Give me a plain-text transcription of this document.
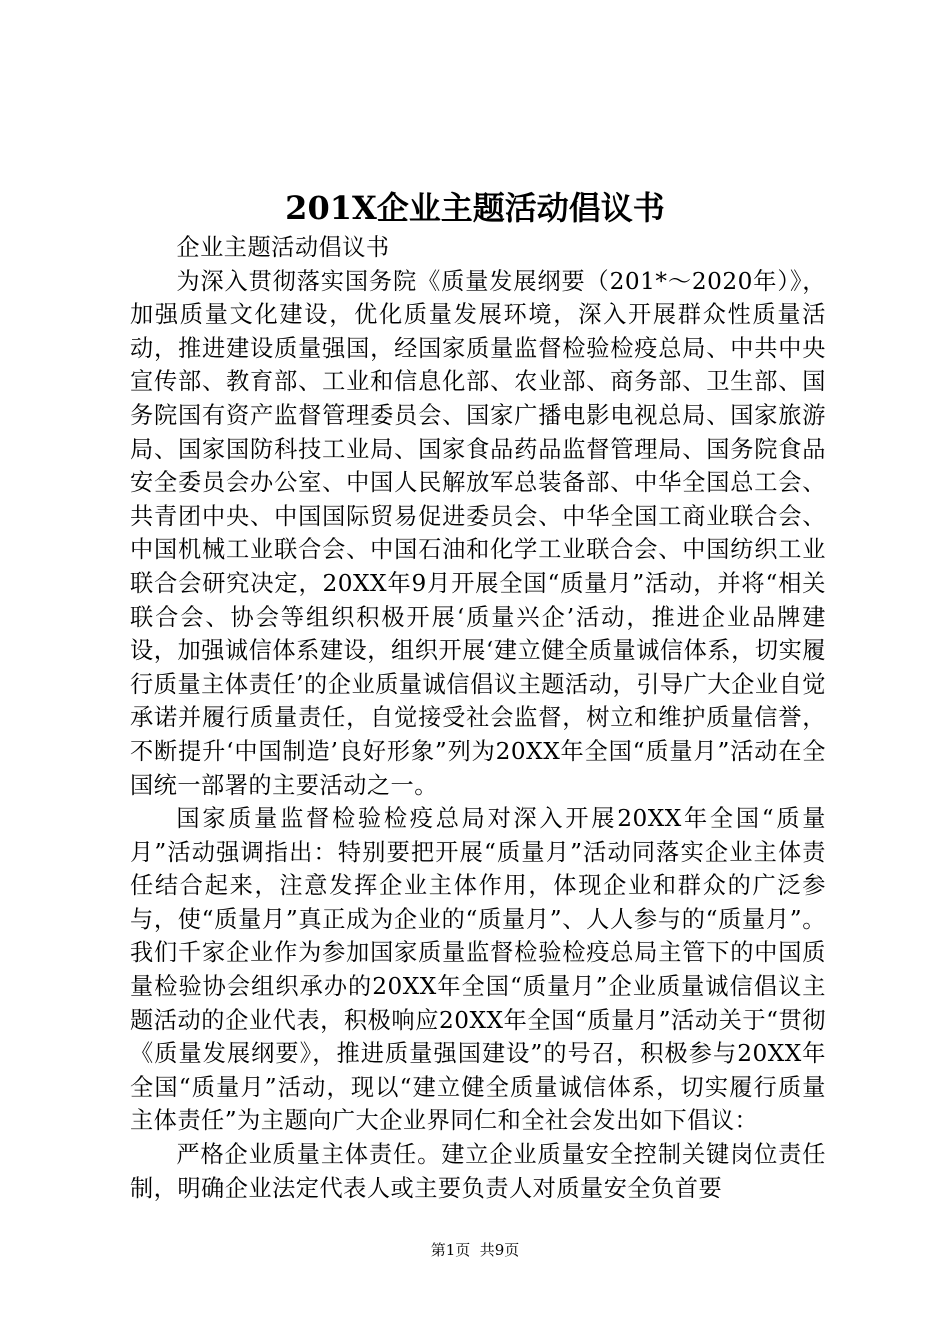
201X企业主题活动倡议书

企业主题活动倡议书

为深入贯彻落实国务院《质量发展纲要（201*～2020年）》，加强质量文化建设，优化质量发展环境，深入开展群众性质量活动，推进建设质量强国，经国家质量监督检验检疫总局、中共中央宣传部、教育部、工业和信息化部、农业部、商务部、卫生部、国务院国有资产监督管理委员会、国家广播电影电视总局、国家旅游局、国家国防科技工业局、国家食品药品监督管理局、国务院食品安全委员会办公室、中国人民解放军总装备部、中华全国总工会、共青团中央、中国国际贸易促进委员会、中华全国工商业联合会、中国机械工业联合会、中国石油和化学工业联合会、中国纺织工业联合会研究决定，20XX年9月开展全国“质量月”活动，并将“相关联合会、协会等组织积极开展‘质量兴企’活动，推进企业品牌建设，加强诚信体系建设，组织开展‘建立健全质量诚信体系，切实履行质量主体责任’的企业质量诚信倡议主题活动，引导广大企业自觉承诺并履行质量责任，自觉接受社会监督，树立和维护质量信誉，不断提升‘中国制造’良好形象”列为20XX年全国“质量月”活动在全国统一部署的主要活动之一。

国家质量监督检验检疫总局对深入开展20XX年全国“质量月”活动强调指出：特别要把开展“质量月”活动同落实企业主体责任结合起来，注意发挥企业主体作用，体现企业和群众的广泛参与，使“质量月”真正成为企业的“质量月”、人人参与的“质量月”。我们千家企业作为参加国家质量监督检验检疫总局主管下的中国质量检验协会组织承办的20XX年全国“质量月”企业质量诚信倡议主题活动的企业代表，积极响应20XX年全国“质量月”活动关于“贯彻《质量发展纲要》，推进质量强国建设”的号召，积极参与20XX年全国“质量月”活动，现以“建立健全质量诚信体系，切实履行质量主体责任”为主题向广大企业界同仁和全社会发出如下倡议：

严格企业质量主体责任。建立企业质量安全控制关键岗位责任制，明确企业法定代表人或主要负责人对质量安全负首要

第1页  共9页
